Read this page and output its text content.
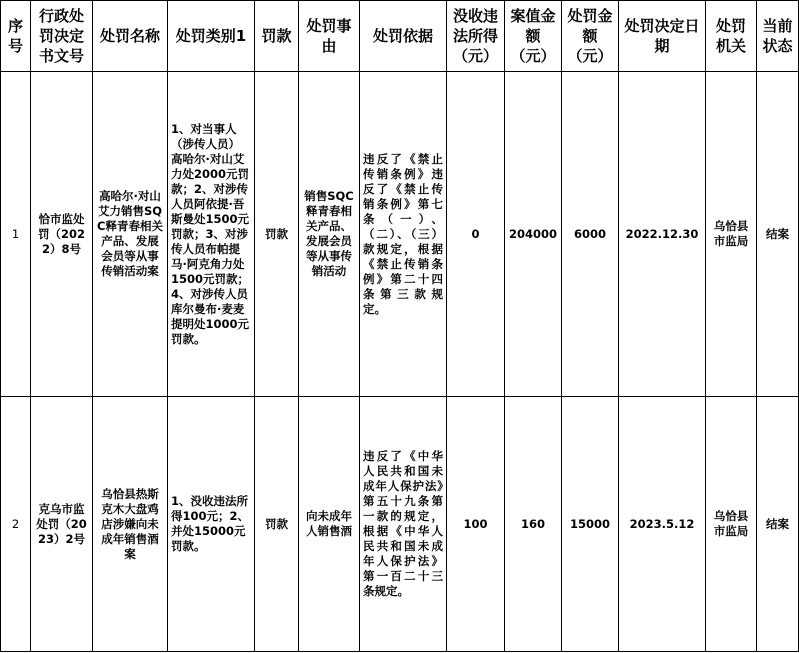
序号	行政处罚决定书文号	处罚名称	处罚类别1	罚款	处罚事由	处罚依据	没收违法所得（元）	案值金额（元）	处罚金额（元）	处罚决定日期	处罚机关	当前状态
1	恰市监处罚（2022）8号	高哈尔·对山艾力销售SQC释青春相关产品、发展会员等从事传销活动案	1、对当事人（涉传人员）高哈尔·对山艾力处2000元罚款；2、对涉传人员阿依提·吾斯曼处1500元罚款；3、对涉传人员布帕提马·阿克角力处1500元罚款；4、对涉传人员库尔曼布·麦麦提明处1000元罚款。	罚款	销售SQC释青春相关产品、发展会员等从事传销活动	违反了《禁止传销条例》违反了《禁止传销条例》第七条（一）、（二）、（三）款规定，根据《禁止传销条例》第二十四条第三款规定。	0	204000	6000	2022.12.30	乌恰县市监局	结案
2	克乌市监处罚（2023）2号	乌恰县热斯克木大盘鸡店涉嫌向未成年销售酒案	1、没收违法所得100元；2、并处15000元罚款。	罚款	向未成年人销售酒	违反了《中华人民共和国未成年人保护法》第五十九条第一款的规定，根据《中华人民共和国未成年人保护法》第一百二十三条规定。	100	160	15000	2023.5.12	乌恰县市监局	结案
